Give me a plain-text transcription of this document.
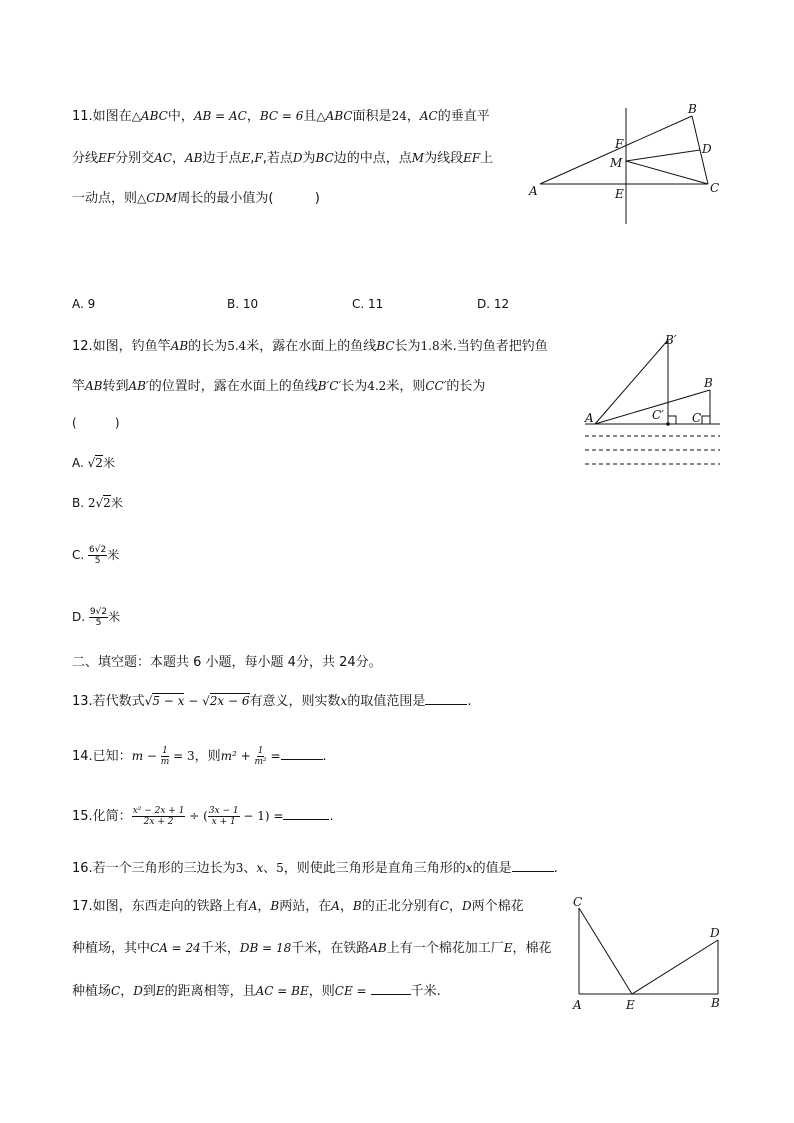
11.如图在△ABC中，AB = AC，BC = 6且△ABC面积是24，AC的垂直平
分线EF分别交AC，AB边于点E,F,若点D为BC边的中点，点M为线段EF上
一动点，则△CDM周长的最小值为(          )
A. 9	B. 10	C. 11	D. 12
B
D
C
A	E
F
M
12.如图，钓鱼竿AB的长为5.4米，露在水面上的鱼线BC长为1.8米.当钓鱼者把钓鱼
竿AB转到AB′的位置时，露在水面上的鱼线B′C′长为4.2米，则CC′的长为
(          )
A. √2米
B. 2√2米
C. $\frac{6√2}{5}$ 米
D. $\frac{9√2}{5}$ 米
B′
B
A	C′ C
二、填空题：本题共 6 小题，每小题 4分，共 24分。
13.若代数式√5 − x − √2x − 6有意义，则实数x的取值范围是	.
14.已知：$m - \frac{1}{m} = 3$，则$m^2 + \frac{1}{\text{m²}}$ =	.
15.化简： $\frac{\text{x² − 2x + 1}}{2x + 2}$ ÷ ( $\frac{3x - 1}{x + 1} - 1$) =	.
16.若一个三角形的三边长为3、x、5，则使此三角形是直角三角形的x的值是	.
17.如图，东西走向的铁路上有A，B两站，在A，B的正北分别有C，D两个棉花
种植场，其中CA = 24千米，DB = 18千米，在铁路AB上有一个棉花加工厂E，棉花
种植场C，D到E的距离相等，且AC = BE，则CE =	千米.
C
D
A	E	B
